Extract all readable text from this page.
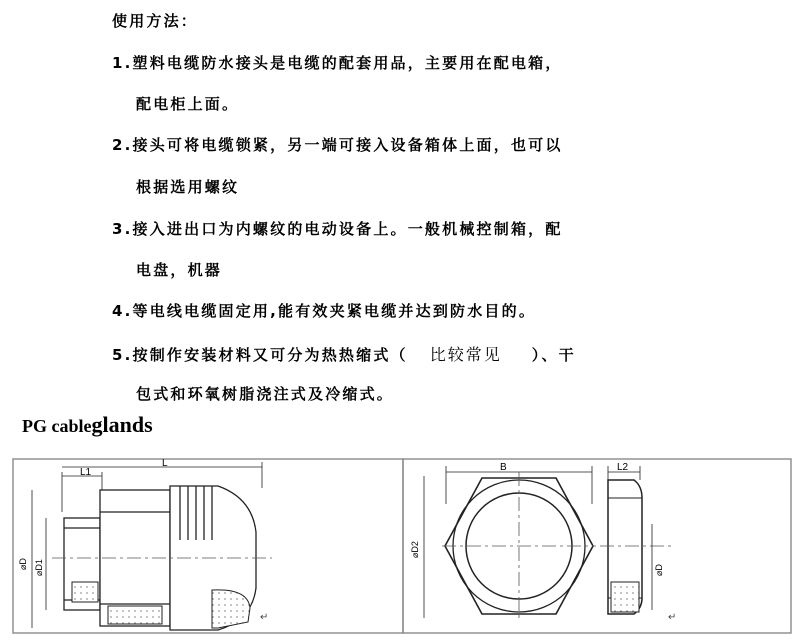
使用方法：
1.塑料电缆防水接头是电缆的配套用品，主要用在配电箱，
配电柜上面。
2.接头可将电缆锁紧，另一端可接入设备箱体上面，也可以
根据选用螺纹
3.接入进出口为内螺纹的电动设备上。一般机械控制箱，配
电盘，机器
4.等电线电缆固定用,能有效夹紧电缆并达到防水目的。
5.按制作安装材料又可分为热热缩式（ 比较常见 ）、干
包式和环氧树脂浇注式及冷缩式。
PG cableglands
L1
L
⌀D ⌀D1
↵
B
⌀D2
L2
⌀D
↵
